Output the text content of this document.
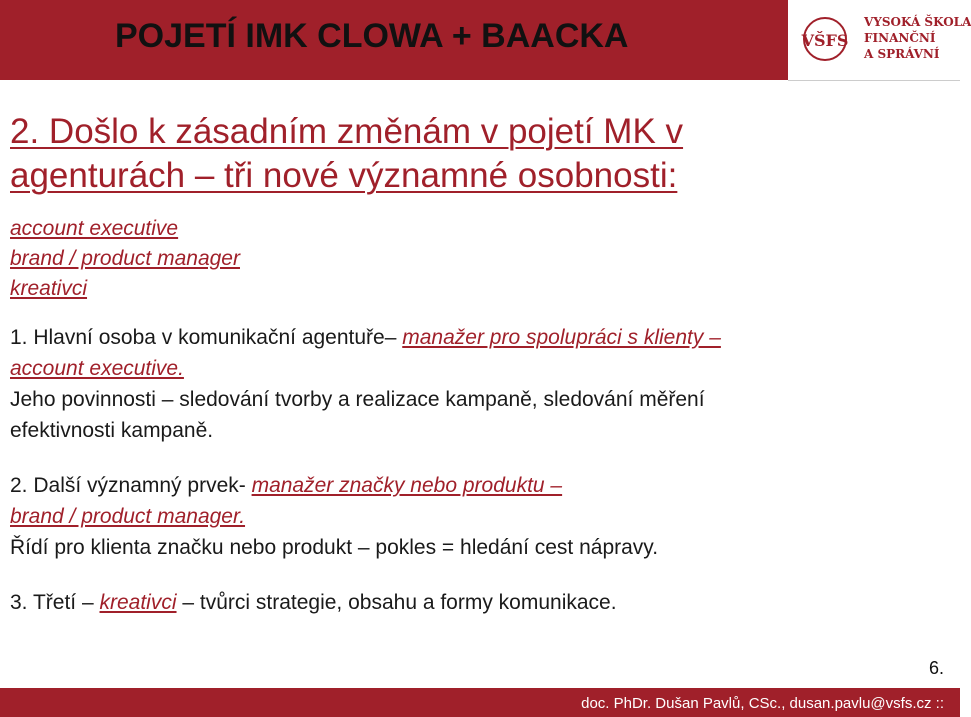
POJETÍ IMK CLOWA + BAACKA	VŠFS
VYSOKÁ ŠKOLA
FINANČNÍ
A SPRÁVNÍ
2. Došlo k zásadním změnám v pojetí MK v
agenturách – tři nové významné osobnosti:
account executive
brand / product manager
kreativci
1. Hlavní osoba v komunikační agentuře– manažer pro spolupráci s klienty –
account executive.
Jeho povinnosti – sledování tvorby a realizace kampaně, sledování měření
efektivnosti kampaně.
2. Další významný prvek- manažer značky nebo produktu –
brand / product manager.
Řídí pro klienta značku nebo produkt – pokles = hledání cest nápravy.
3. Třetí – kreativci – tvůrci strategie, obsahu a formy komunikace.
6.
doc. PhDr. Dušan Pavlů, CSc., dusan.pavlu@vsfs.cz ::
